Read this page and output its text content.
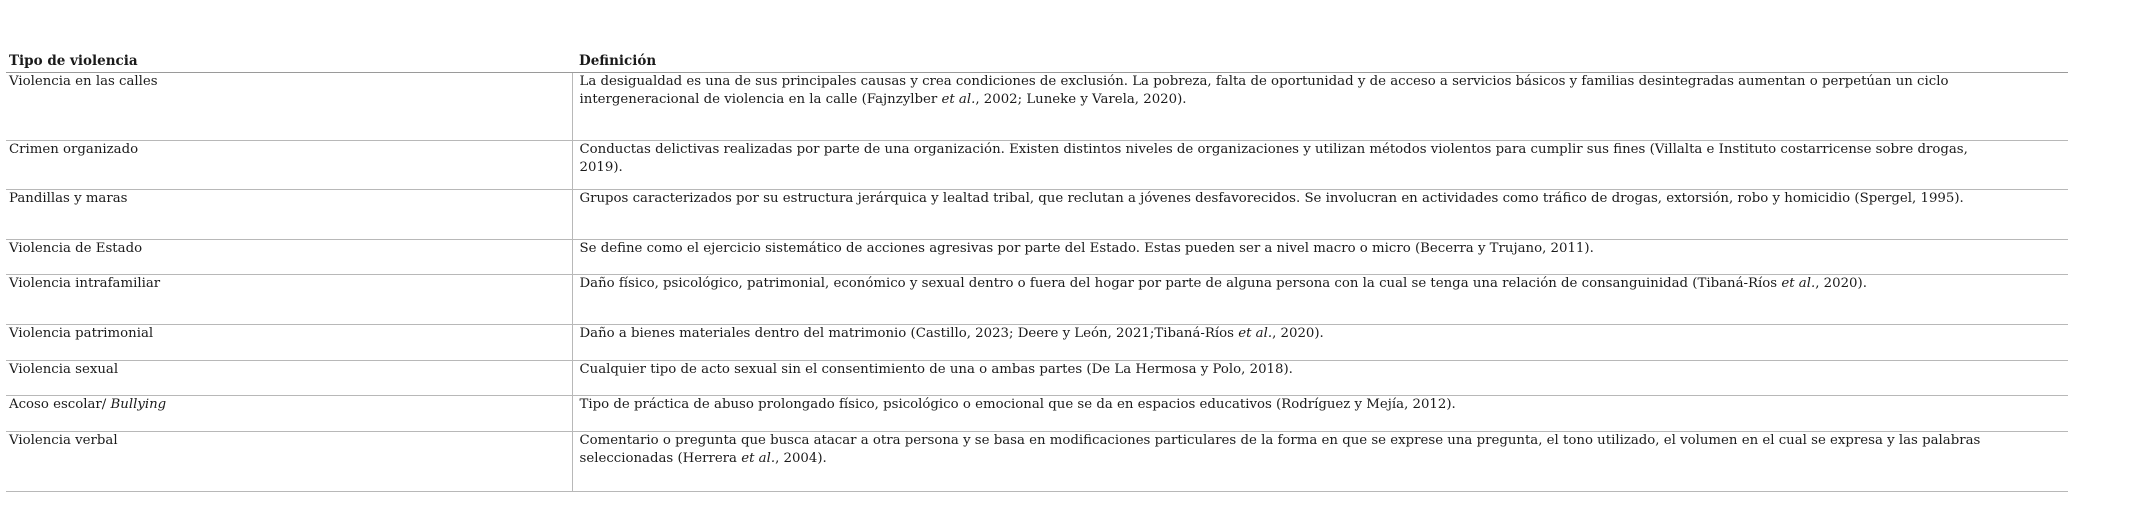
Tipo de violencia	Definición
Violencia en las calles	La desigualdad es una de sus principales causas y crea condiciones de exclusión. La pobreza, falta de oportunidad y de acceso a servicios básicos y familias desintegradas aumentan o perpetúan un ciclo intergeneracional de violencia en la calle (Fajnzylber et al., 2002; Luneke y Varela, 2020).
Crimen organizado	Conductas delictivas realizadas por parte de una organización. Existen distintos niveles de organizaciones y utilizan métodos violentos para cumplir sus fines (Villalta e Instituto costarricense sobre drogas, 2019).
Pandillas y maras	Grupos caracterizados por su estructura jerárquica y lealtad tribal, que reclutan a jóvenes desfavorecidos. Se involucran en actividades como tráfico de drogas, extorsión, robo y homicidio (Spergel, 1995).
Violencia de Estado	Se define como el ejercicio sistemático de acciones agresivas por parte del Estado. Estas pueden ser a nivel macro o micro (Becerra y Trujano, 2011).
Violencia intrafamiliar	Daño físico, psicológico, patrimonial, económico y sexual dentro o fuera del hogar por parte de alguna persona con la cual se tenga una relación de consanguinidad (Tibaná-Ríos et al., 2020).
Violencia patrimonial	Daño a bienes materiales dentro del matrimonio (Castillo, 2023; Deere y León, 2021;Tibaná-Ríos et al., 2020).
Violencia sexual	Cualquier tipo de acto sexual sin el consentimiento de una o ambas partes (De La Hermosa y Polo, 2018).
Acoso escolar/ Bullying	Tipo de práctica de abuso prolongado físico, psicológico o emocional que se da en espacios educativos (Rodríguez y Mejía, 2012).
Violencia verbal	Comentario o pregunta que busca atacar a otra persona y se basa en modificaciones particulares de la forma en que se exprese una pregunta, el tono utilizado, el volumen en el cual se expresa y las palabras seleccionadas (Herrera et al., 2004).
